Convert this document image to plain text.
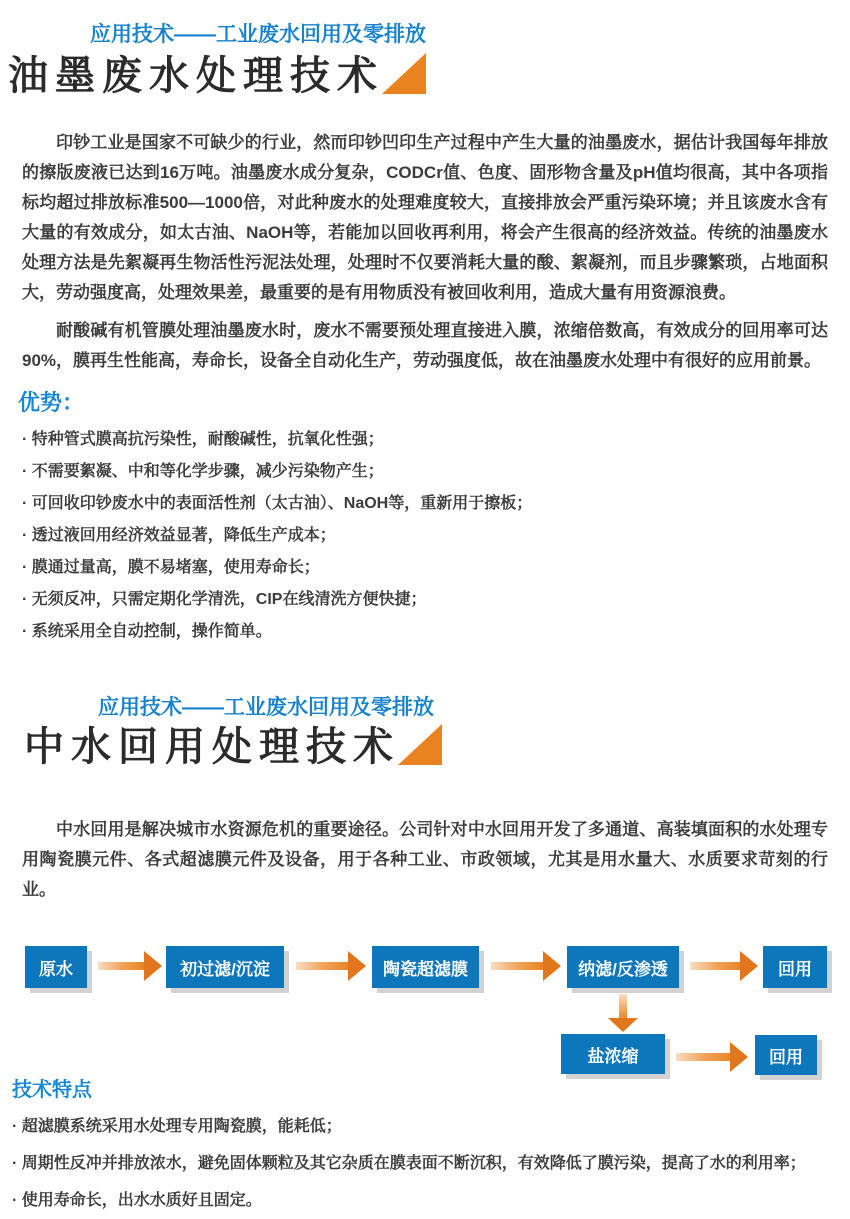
应用技术——工业废水回用及零排放
油墨废水处理技术

印钞工业是国家不可缺少的行业，然而印钞凹印生产过程中产生大量的油墨废水，据估计我国每年排放的擦版废液已达到16万吨。油墨废水成分复杂，CODCr值、色度、固形物含量及pH值均很高，其中各项指标均超过排放标准500—1000倍，对此种废水的处理难度较大，直接排放会严重污染环境；并且该废水含有大量的有效成分，如太古油、NaOH等，若能加以回收再利用，将会产生很高的经济效益。传统的油墨废水处理方法是先絮凝再生物活性污泥法处理，处理时不仅要消耗大量的酸、絮凝剂，而且步骤繁琐，占地面积大，劳动强度高，处理效果差，最重要的是有用物质没有被回收利用，造成大量有用资源浪费。

耐酸碱有机管膜处理油墨废水时，废水不需要预处理直接进入膜，浓缩倍数高，有效成分的回用率可达90%，膜再生性能高，寿命长，设备全自动化生产，劳动强度低，故在油墨废水处理中有很好的应用前景。

优势：
· 特种管式膜高抗污染性，耐酸碱性，抗氧化性强；
· 不需要絮凝、中和等化学步骤，减少污染物产生；
· 可回收印钞废水中的表面活性剂（太古油）、NaOH等，重新用于擦板；
· 透过液回用经济效益显著，降低生产成本；
· 膜通过量高，膜不易堵塞，使用寿命长；
· 无须反冲，只需定期化学清洗，CIP在线清洗方便快捷；
· 系统采用全自动控制，操作简单。
应用技术——工业废水回用及零排放
中水回用处理技术

中水回用是解决城市水资源危机的重要途径。公司针对中水回用开发了多通道、高装填面积的水处理专用陶瓷膜元件、各式超滤膜元件及设备，用于各种工业、市政领域，尤其是用水量大、水质要求苛刻的行业。

原水	初过滤/沉淀	陶瓷超滤膜	纳滤/反渗透	回用
盐浓缩	回用
技术特点
· 超滤膜系统采用水处理专用陶瓷膜，能耗低；
· 周期性反冲并排放浓水，避免固体颗粒及其它杂质在膜表面不断沉积，有效降低了膜污染，提高了水的利用率；
· 使用寿命长，出水水质好且固定。
